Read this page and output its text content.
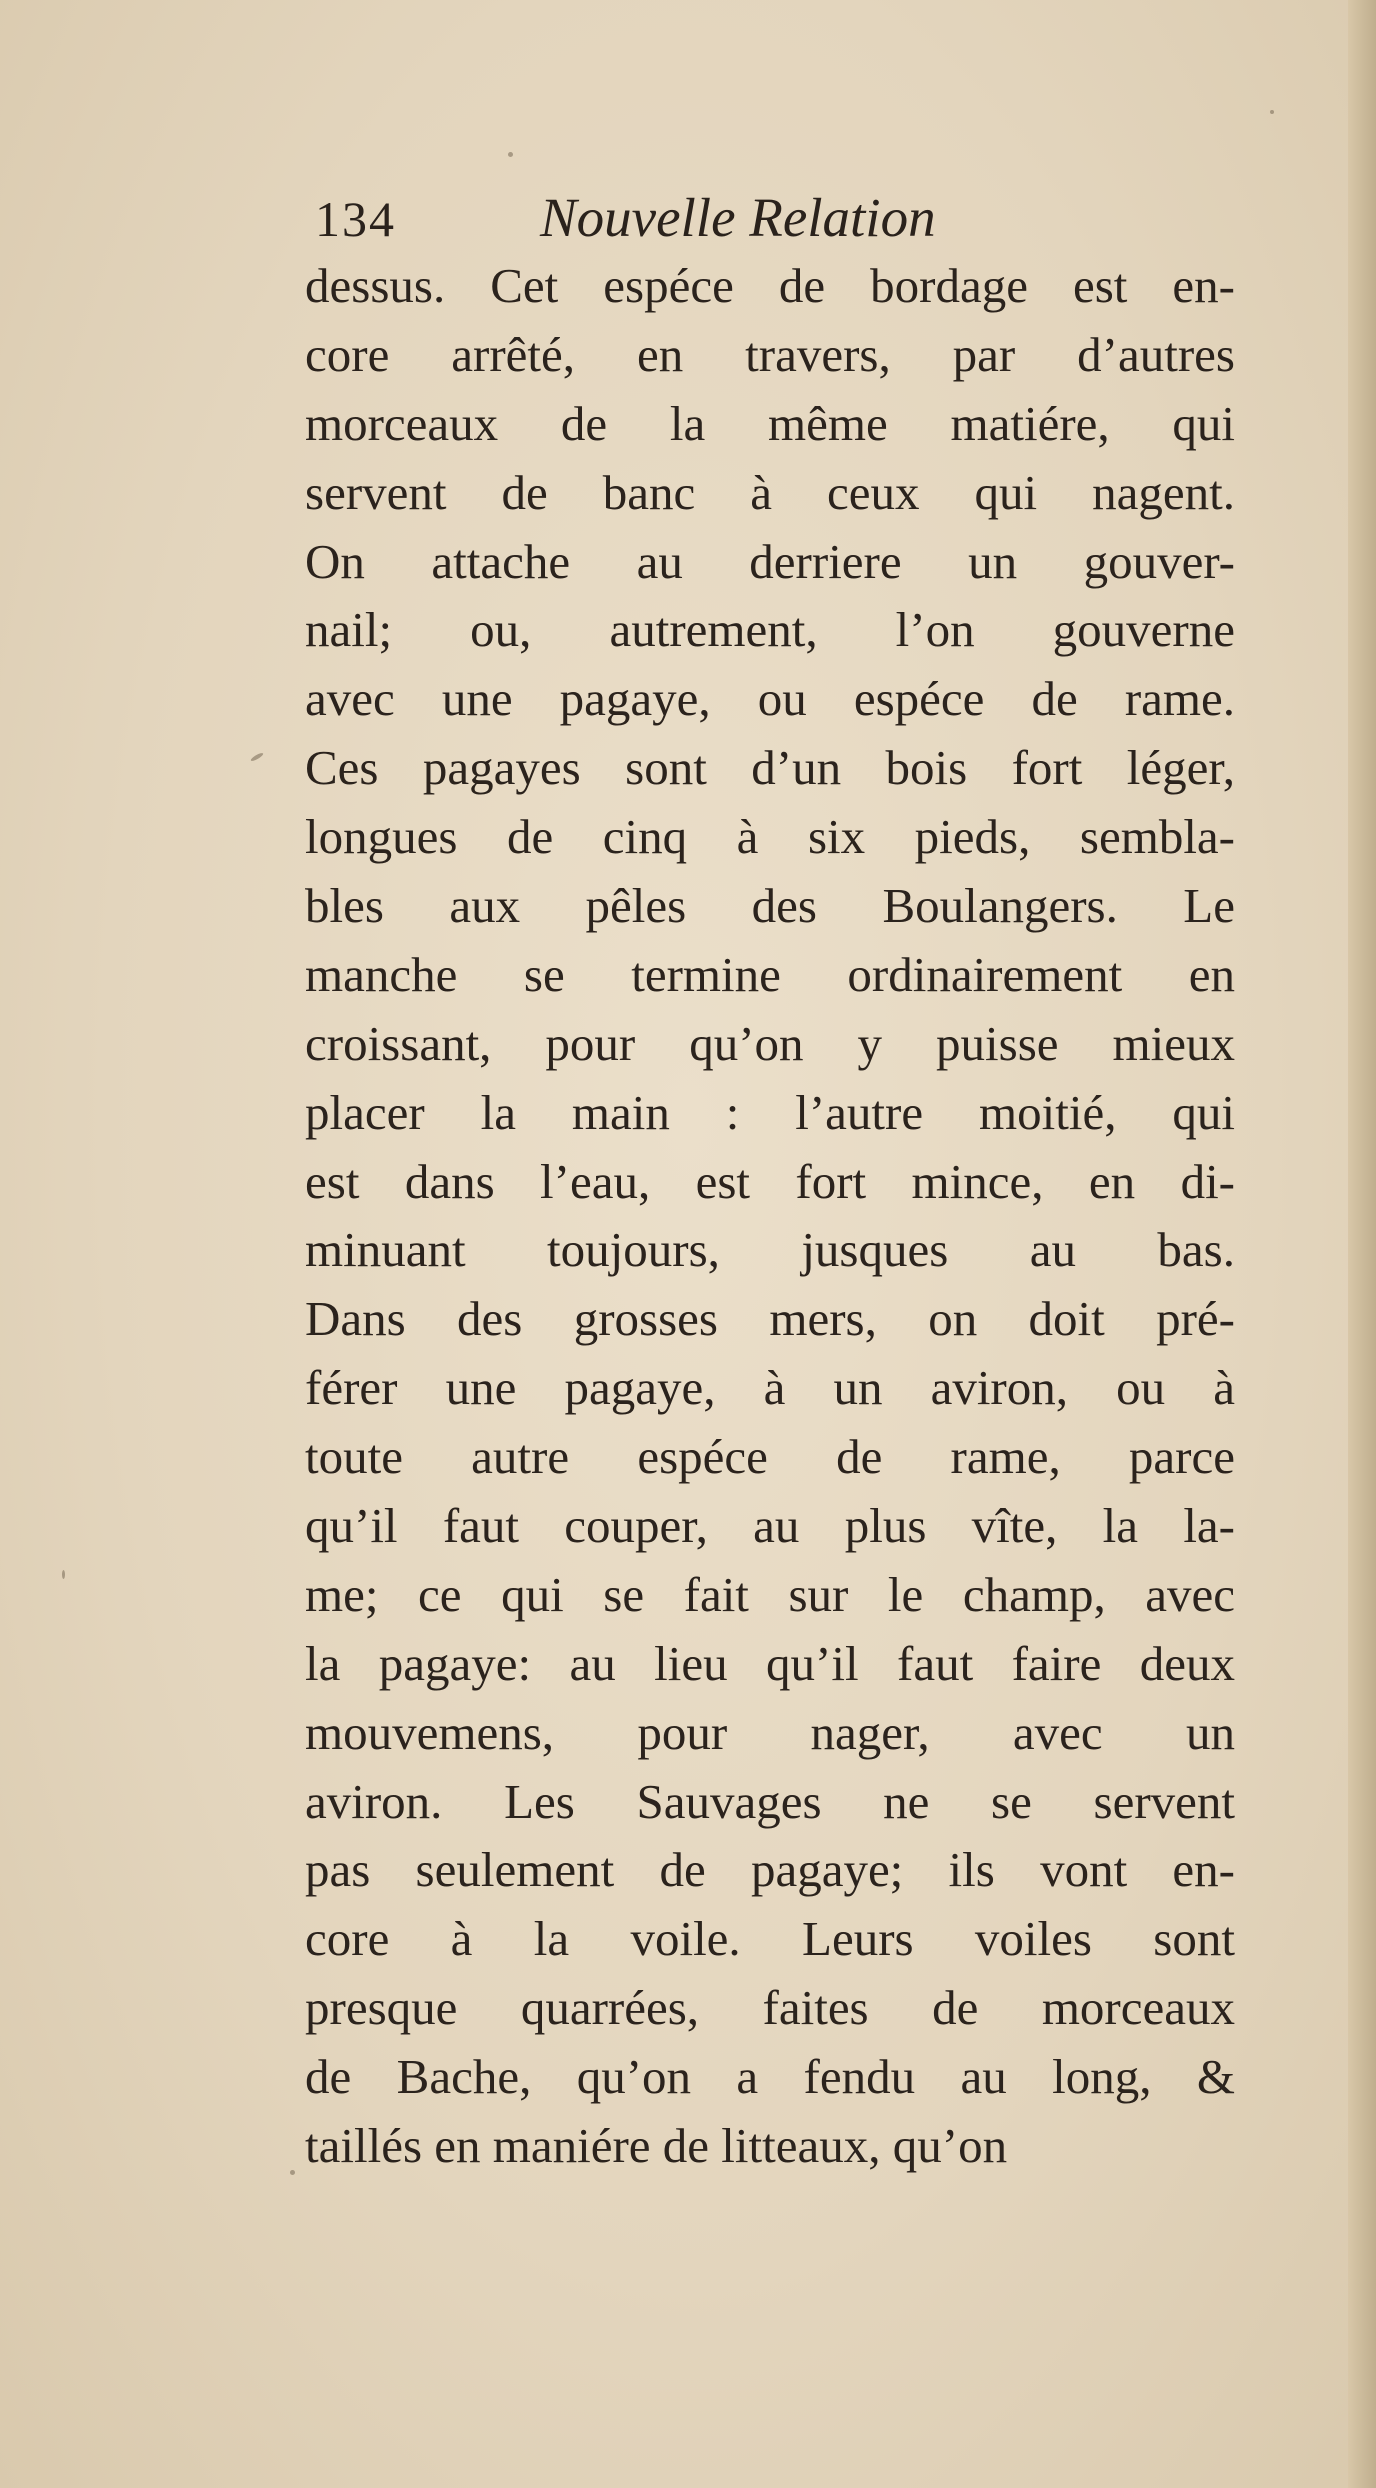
134	Nouvelle Relation
dessus. Cet espéce de bordage est en-
core arrêté, en travers, par d’autres
morceaux de la même matiére, qui
servent de banc à ceux qui nagent.
On attache au derriere un gouver-
nail; ou, autrement, l’on gouverne
avec une pagaye, ou espéce de rame.
Ces pagayes sont d’un bois fort léger,
longues de cinq à six pieds, sembla-
bles aux pêles des Boulangers. Le
manche se termine ordinairement en
croissant, pour qu’on y puisse mieux
placer la main : l’autre moitié, qui
est dans l’eau, est fort mince, en di-
minuant toujours, jusques au bas.
Dans des grosses mers, on doit pré-
férer une pagaye, à un aviron, ou à
toute autre espéce de rame, parce
qu’il faut couper, au plus vîte, la la-
me; ce qui se fait sur le champ, avec
la pagaye: au lieu qu’il faut faire deux
mouvemens, pour nager, avec un
aviron. Les Sauvages ne se servent
pas seulement de pagaye; ils vont en-
core à la voile. Leurs voiles sont
presque quarrées, faites de morceaux
de Bache, qu’on a fendu au long, &
taillés en maniére de litteaux, qu’on
